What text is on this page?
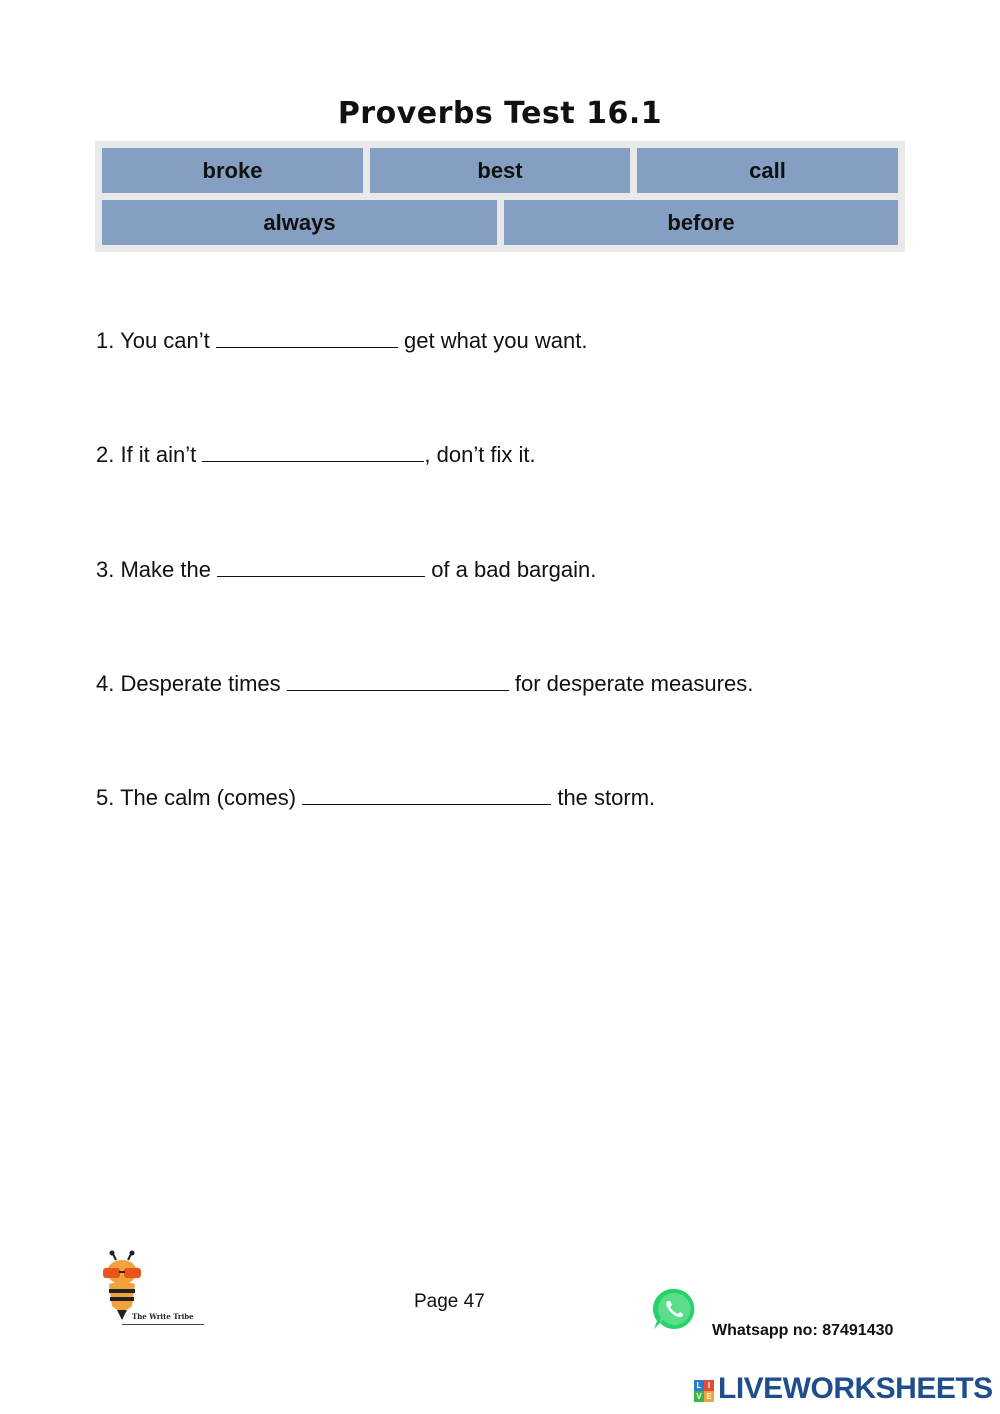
Proverbs Test 16.1
broke	best	call
always	before
1. You can’t	get what you want.
2. If it ain’t	, don’t fix it.
3. Make the	of a bad bargain.
4. Desperate times	for desperate measures.
5. The calm (comes)	the storm.
The Write Tribe
Page 47
Whatsapp no: 87491430
L I
V E LIVEWORKSHEETS
